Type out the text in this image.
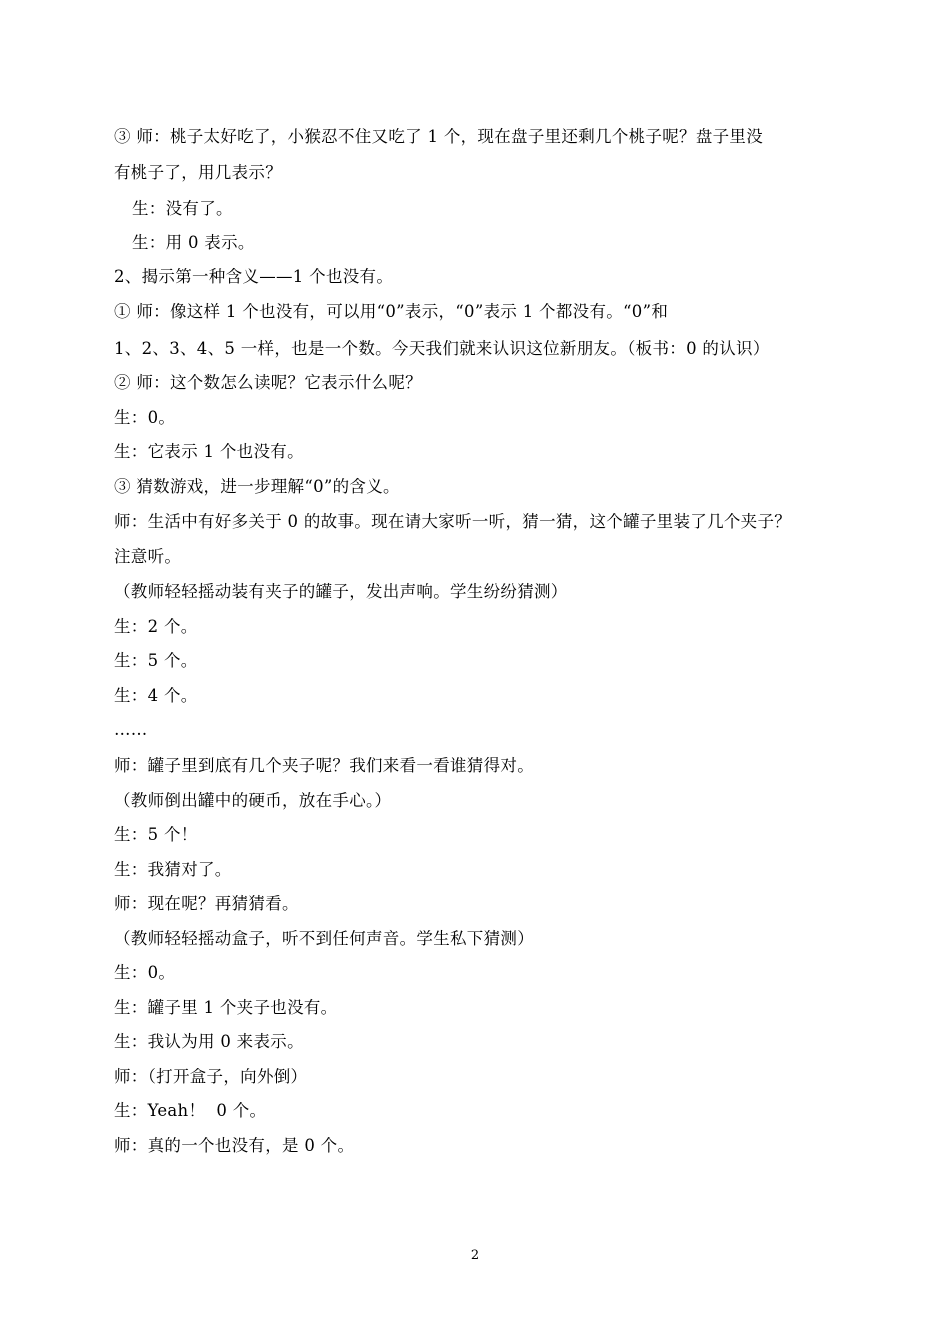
③ 师：桃子太好吃了，小猴忍不住又吃了 1 个，现在盘子里还剩几个桃子呢？盘子里没
有桃子了，用几表示？
生：没有了。
生：用 0 表示。
2、揭示第一种含义——1 个也没有。
① 师：像这样 1 个也没有，可以用“0”表示，“0”表示 1 个都没有。“0”和
1、2、3、4、5 一样，也是一个数。今天我们就来认识这位新朋友。（板书：0 的认识）
② 师：这个数怎么读呢？它表示什么呢？
生：0。
生：它表示 1 个也没有。
③ 猜数游戏，进一步理解“0”的含义。
师：生活中有好多关于 0 的故事。现在请大家听一听，猜一猜，这个罐子里装了几个夹子？
注意听。
（教师轻轻摇动装有夹子的罐子，发出声响。学生纷纷猜测）
生：2 个。
生：5 个。
生：4 个。
……
师：罐子里到底有几个夹子呢？我们来看一看谁猜得对。
（教师倒出罐中的硬币，放在手心。）
生：5 个！
生：我猜对了。
师：现在呢？再猜猜看。
（教师轻轻摇动盒子，听不到任何声音。学生私下猜测）
生：0。
生：罐子里 1 个夹子也没有。
生：我认为用 0 来表示。
师：（打开盒子，向外倒）
生：Yeah！  0 个。
师：真的一个也没有，是 0 个。
2
